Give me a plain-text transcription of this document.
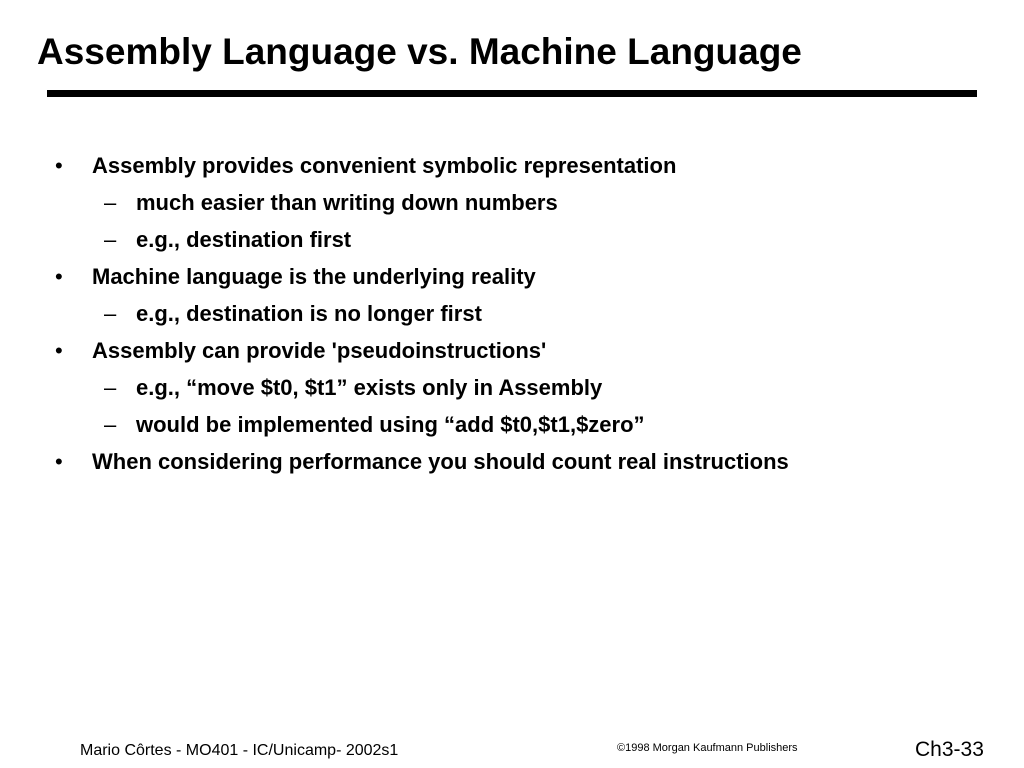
Assembly Language vs. Machine Language
• Assembly provides convenient symbolic representation
– much easier than writing down numbers
– e.g., destination first
• Machine language is the underlying reality
– e.g., destination is no longer first
• Assembly can provide 'pseudoinstructions'
– e.g., “move $t0, $t1” exists only in Assembly
– would be implemented using “add $t0,$t1,$zero”
• When considering performance you should count real instructions
Mario Côrtes - MO401 - IC/Unicamp- 2002s1	©1998 Morgan Kaufmann Publishers	Ch3-33
